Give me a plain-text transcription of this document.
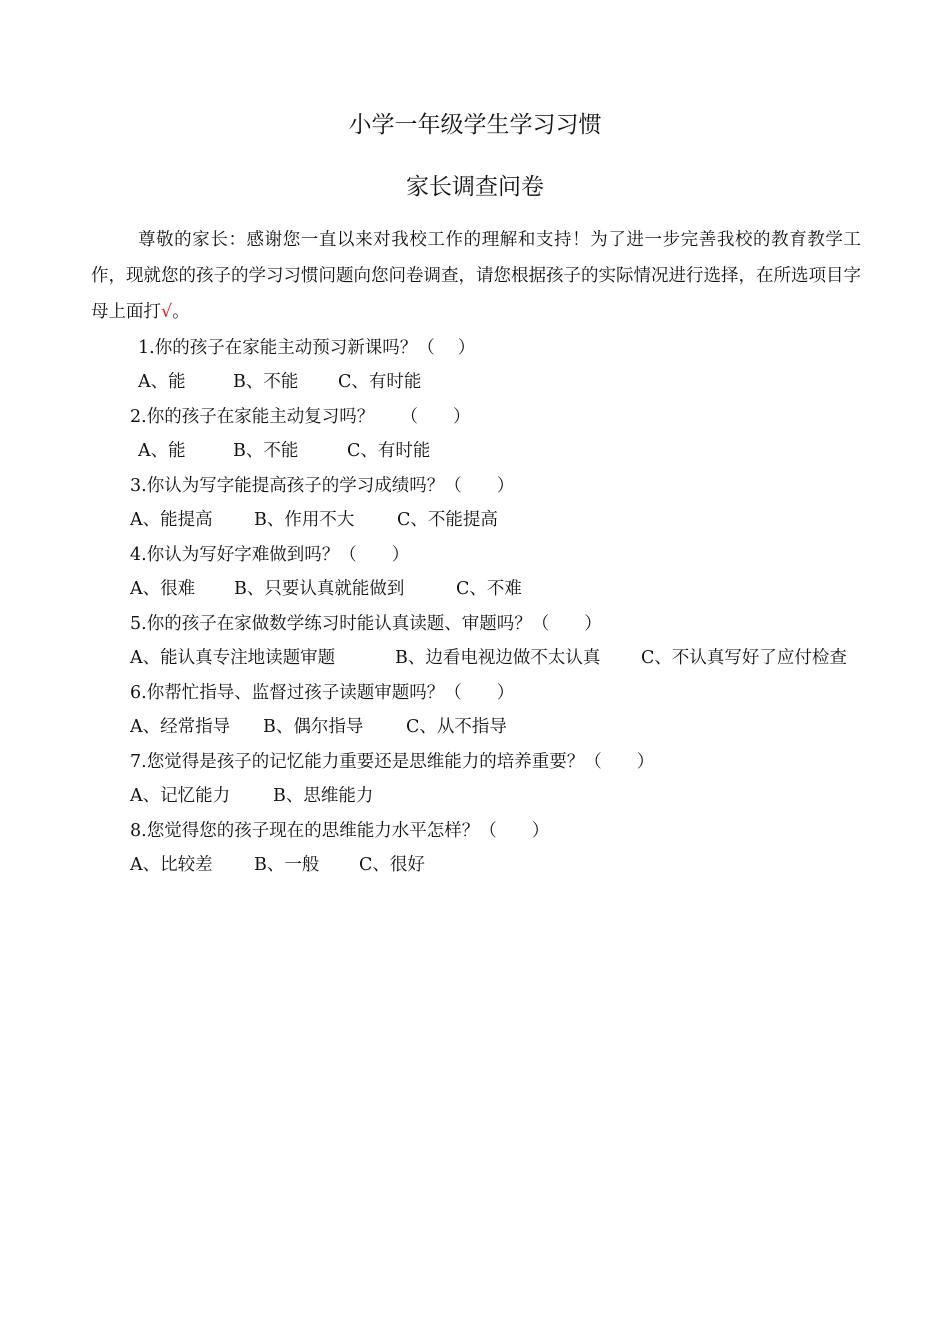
小学一年级学生学习习惯
家长调查问卷

尊敬的家长：感谢您一直以来对我校工作的理解和支持！为了进一步完善我校的教育教学工作，现就您的孩子的学习习惯问题向您问卷调查，请您根据孩子的实际情况进行选择，在所选项目字母上面打√。

1.你的孩子在家能主动预习新课吗？（　 ）
A、能	B、不能 C、有时能
2.你的孩子在家能主动复习吗？　　（　　）
A、能	B、不能	C、有时能
3.你认为写字能提高孩子的学习成绩吗？（　　）
A、能提高 B、作用不大 C、不能提高
4.你认为写好字难做到吗？（　　）
A、很难 B、只要认真就能做到	C、不难
5.你的孩子在家做数学练习时能认真读题、审题吗？（　　）
A、能认真专注地读题审题	B、边看电视边做不太认真 C、不认真写好了应付检查
6.你帮忙指导、监督过孩子读题审题吗？（　　）
A、经常指导 B、偶尔指导 C、从不指导
7.您觉得是孩子的记忆能力重要还是思维能力的培养重要？（　　）
A、记忆能力 B、思维能力
8.您觉得您的孩子现在的思维能力水平怎样？（　　）
A、比较差 B、一般 C、很好
